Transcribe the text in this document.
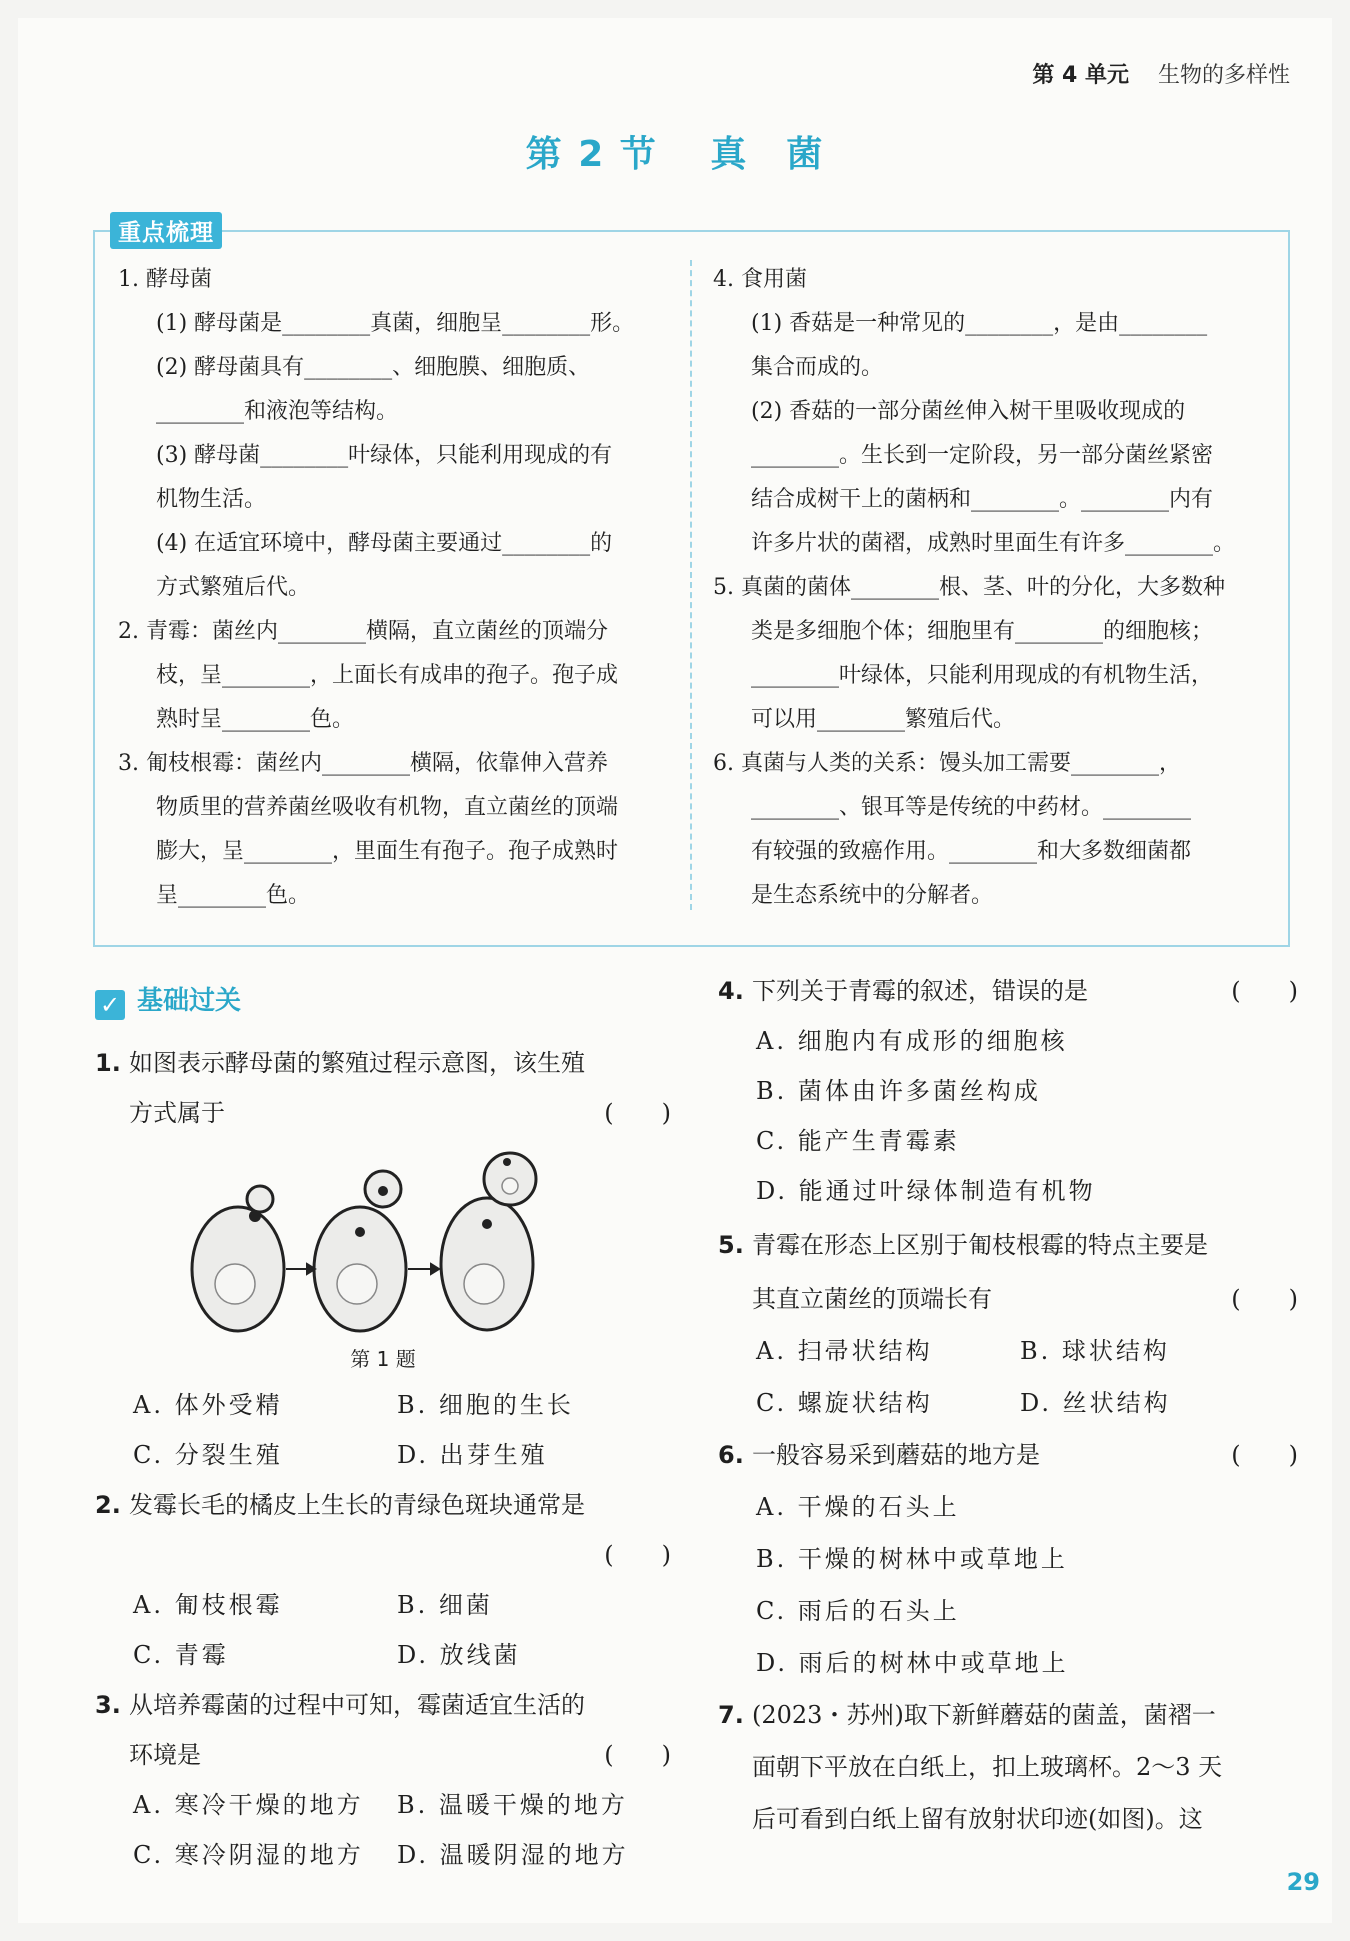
第 4 单元 生物的多样性
第 2 节 真　菌
重点梳理

1. 酵母菌

(1) 酵母菌是________真菌，细胞呈________形。

(2) 酵母菌具有________、细胞膜、细胞质、

________和液泡等结构。

(3) 酵母菌________叶绿体，只能利用现成的有

机物生活。

(4) 在适宜环境中，酵母菌主要通过________的

方式繁殖后代。

2. 青霉：菌丝内________横隔，直立菌丝的顶端分

枝，呈________，上面长有成串的孢子。孢子成

熟时呈________色。

3. 匍枝根霉：菌丝内________横隔，依靠伸入营养

物质里的营养菌丝吸收有机物，直立菌丝的顶端

膨大，呈________，里面生有孢子。孢子成熟时

呈________色。

4. 食用菌

(1) 香菇是一种常见的________，是由________

集合而成的。

(2) 香菇的一部分菌丝伸入树干里吸收现成的

________。生长到一定阶段，另一部分菌丝紧密

结合成树干上的菌柄和________。________内有

许多片状的菌褶，成熟时里面生有许多________。

5. 真菌的菌体________根、茎、叶的分化，大多数种

类是多细胞个体；细胞里有________的细胞核；

________叶绿体，只能利用现成的有机物生活，

可以用________繁殖后代。

6. 真菌与人类的关系：馒头加工需要________，

________、银耳等是传统的中药材。________

有较强的致癌作用。________和大多数细菌都

是生态系统中的分解者。

✓ 基础过关

1. 如图表示酵母菌的繁殖过程示意图，该生殖

方式属于	(　　)

第 1 题

A. 体外受精	B. 细胞的生长

C. 分裂生殖	D. 出芽生殖

2. 发霉长毛的橘皮上生长的青绿色斑块通常是

(　　)

A. 匍枝根霉	B. 细菌

C. 青霉	D. 放线菌

3. 从培养霉菌的过程中可知，霉菌适宜生活的

环境是	(　　)

A. 寒冷干燥的地方	B. 温暖干燥的地方

C. 寒冷阴湿的地方	D. 温暖阴湿的地方

4. 下列关于青霉的叙述，错误的是	(　　)

A. 细胞内有成形的细胞核

B. 菌体由许多菌丝构成

C. 能产生青霉素

D. 能通过叶绿体制造有机物

5. 青霉在形态上区别于匍枝根霉的特点主要是

其直立菌丝的顶端长有	(　　)

A. 扫帚状结构	B. 球状结构

C. 螺旋状结构	D. 丝状结构

6. 一般容易采到蘑菇的地方是	(　　)

A. 干燥的石头上

B. 干燥的树林中或草地上

C. 雨后的石头上

D. 雨后的树林中或草地上

7. (2023・苏州)取下新鲜蘑菇的菌盖，菌褶一

面朝下平放在白纸上，扣上玻璃杯。2～3 天

后可看到白纸上留有放射状印迹(如图)。这

29
